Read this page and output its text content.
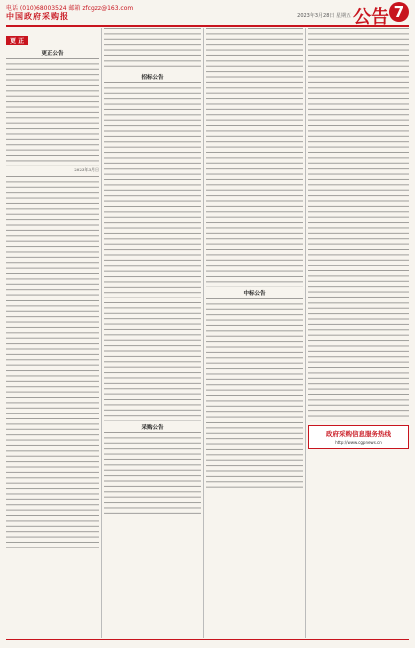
电话 (010)68003524 邮箱 zfcgzz@163.com
中国政府采购报	2023年3月28日 星期五 公告 7
更 正
更正公告
2023年3月日
招标公告
采购公告
中标公告
政府采购信息服务热线
http://www.cgpnews.cn
